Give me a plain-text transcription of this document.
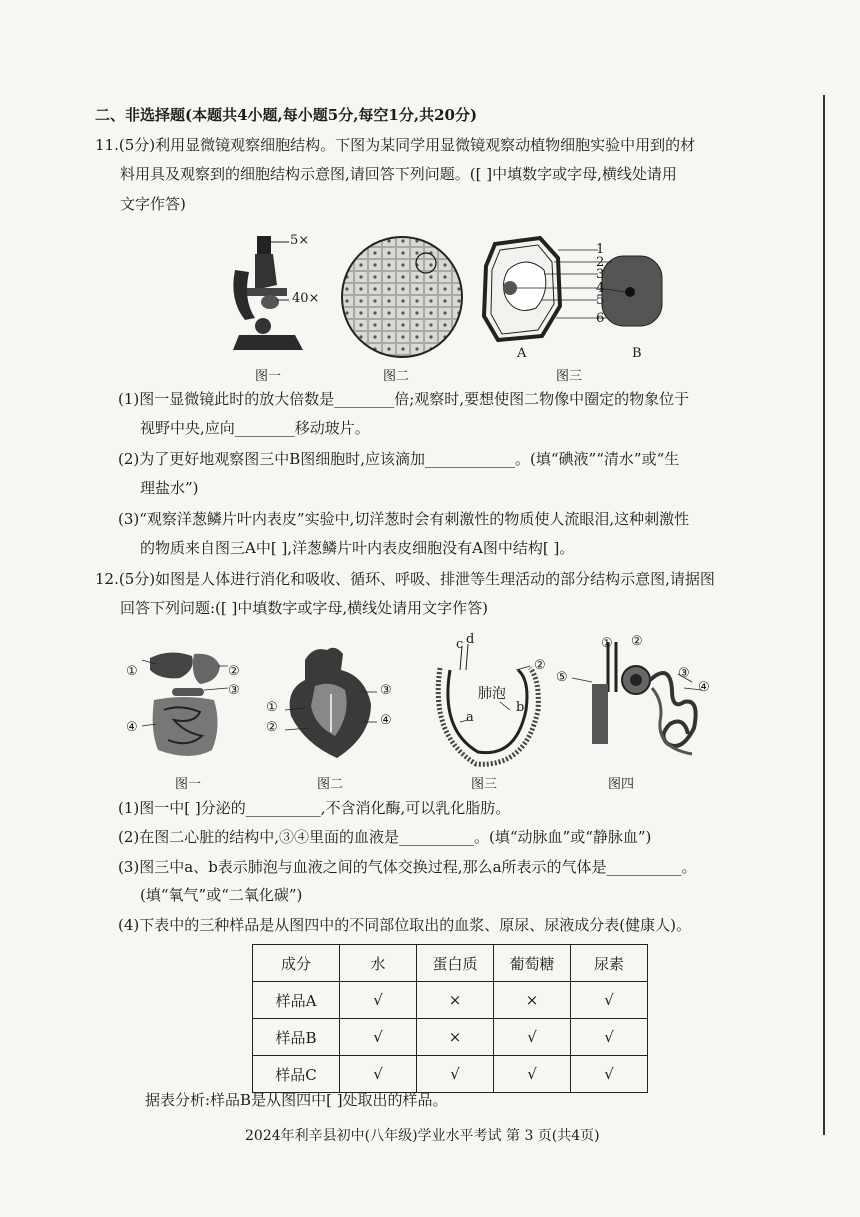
二、非选择题(本题共4小题,每小题5分,每空1分,共20分)
11.(5分)利用显微镜观察细胞结构。下图为某同学用显微镜观察动植物细胞实验中用到的材
料用具及观察到的细胞结构示意图,请回答下列问题。([ ]中填数字或字母,横线处请用
文字作答)
5×
40×
图一	图二
1
2
3
4
5
6
A	B
图三
(1)图一显微镜此时的放大倍数是________倍;观察时,要想使图二物像中圈定的物象位于
视野中央,应向________移动玻片。
(2)为了更好地观察图三中B图细胞时,应该滴加____________。(填“碘液”“清水”或“生
理盐水”)
(3)“观察洋葱鳞片叶内表皮”实验中,切洋葱时会有刺激性的物质使人流眼泪,这种刺激性
的物质来自图三A中[ ],洋葱鳞片叶内表皮细胞没有A图中结构[ ]。
12.(5分)如图是人体进行消化和吸收、循环、呼吸、排泄等生理活动的部分结构示意图,请据图
回答下列问题:([ ]中填数字或字母,横线处请用文字作答)
①	②
③
④
图一
③
①
②	④
图二
c d
②
肺泡
a
b
图三
① ②
③
④
⑤
图四
(1)图一中[ ]分泌的__________,不含消化酶,可以乳化脂肪。
(2)在图二心脏的结构中,③④里面的血液是__________。(填“动脉血”或“静脉血”)
(3)图三中a、b表示肺泡与血液之间的气体交换过程,那么a所表示的气体是__________。
(填“氧气”或“二氧化碳”)
(4)下表中的三种样品是从图四中的不同部位取出的血浆、原尿、尿液成分表(健康人)。
成分	水	蛋白质	葡萄糖	尿素
样品A	√	×	×	√
样品B	√	×	√	√
样品C	√	√	√	√
据表分析:样品B是从图四中[ ]处取出的样品。
2024年利辛县初中(八年级)学业水平考试 第 3 页(共4页)
